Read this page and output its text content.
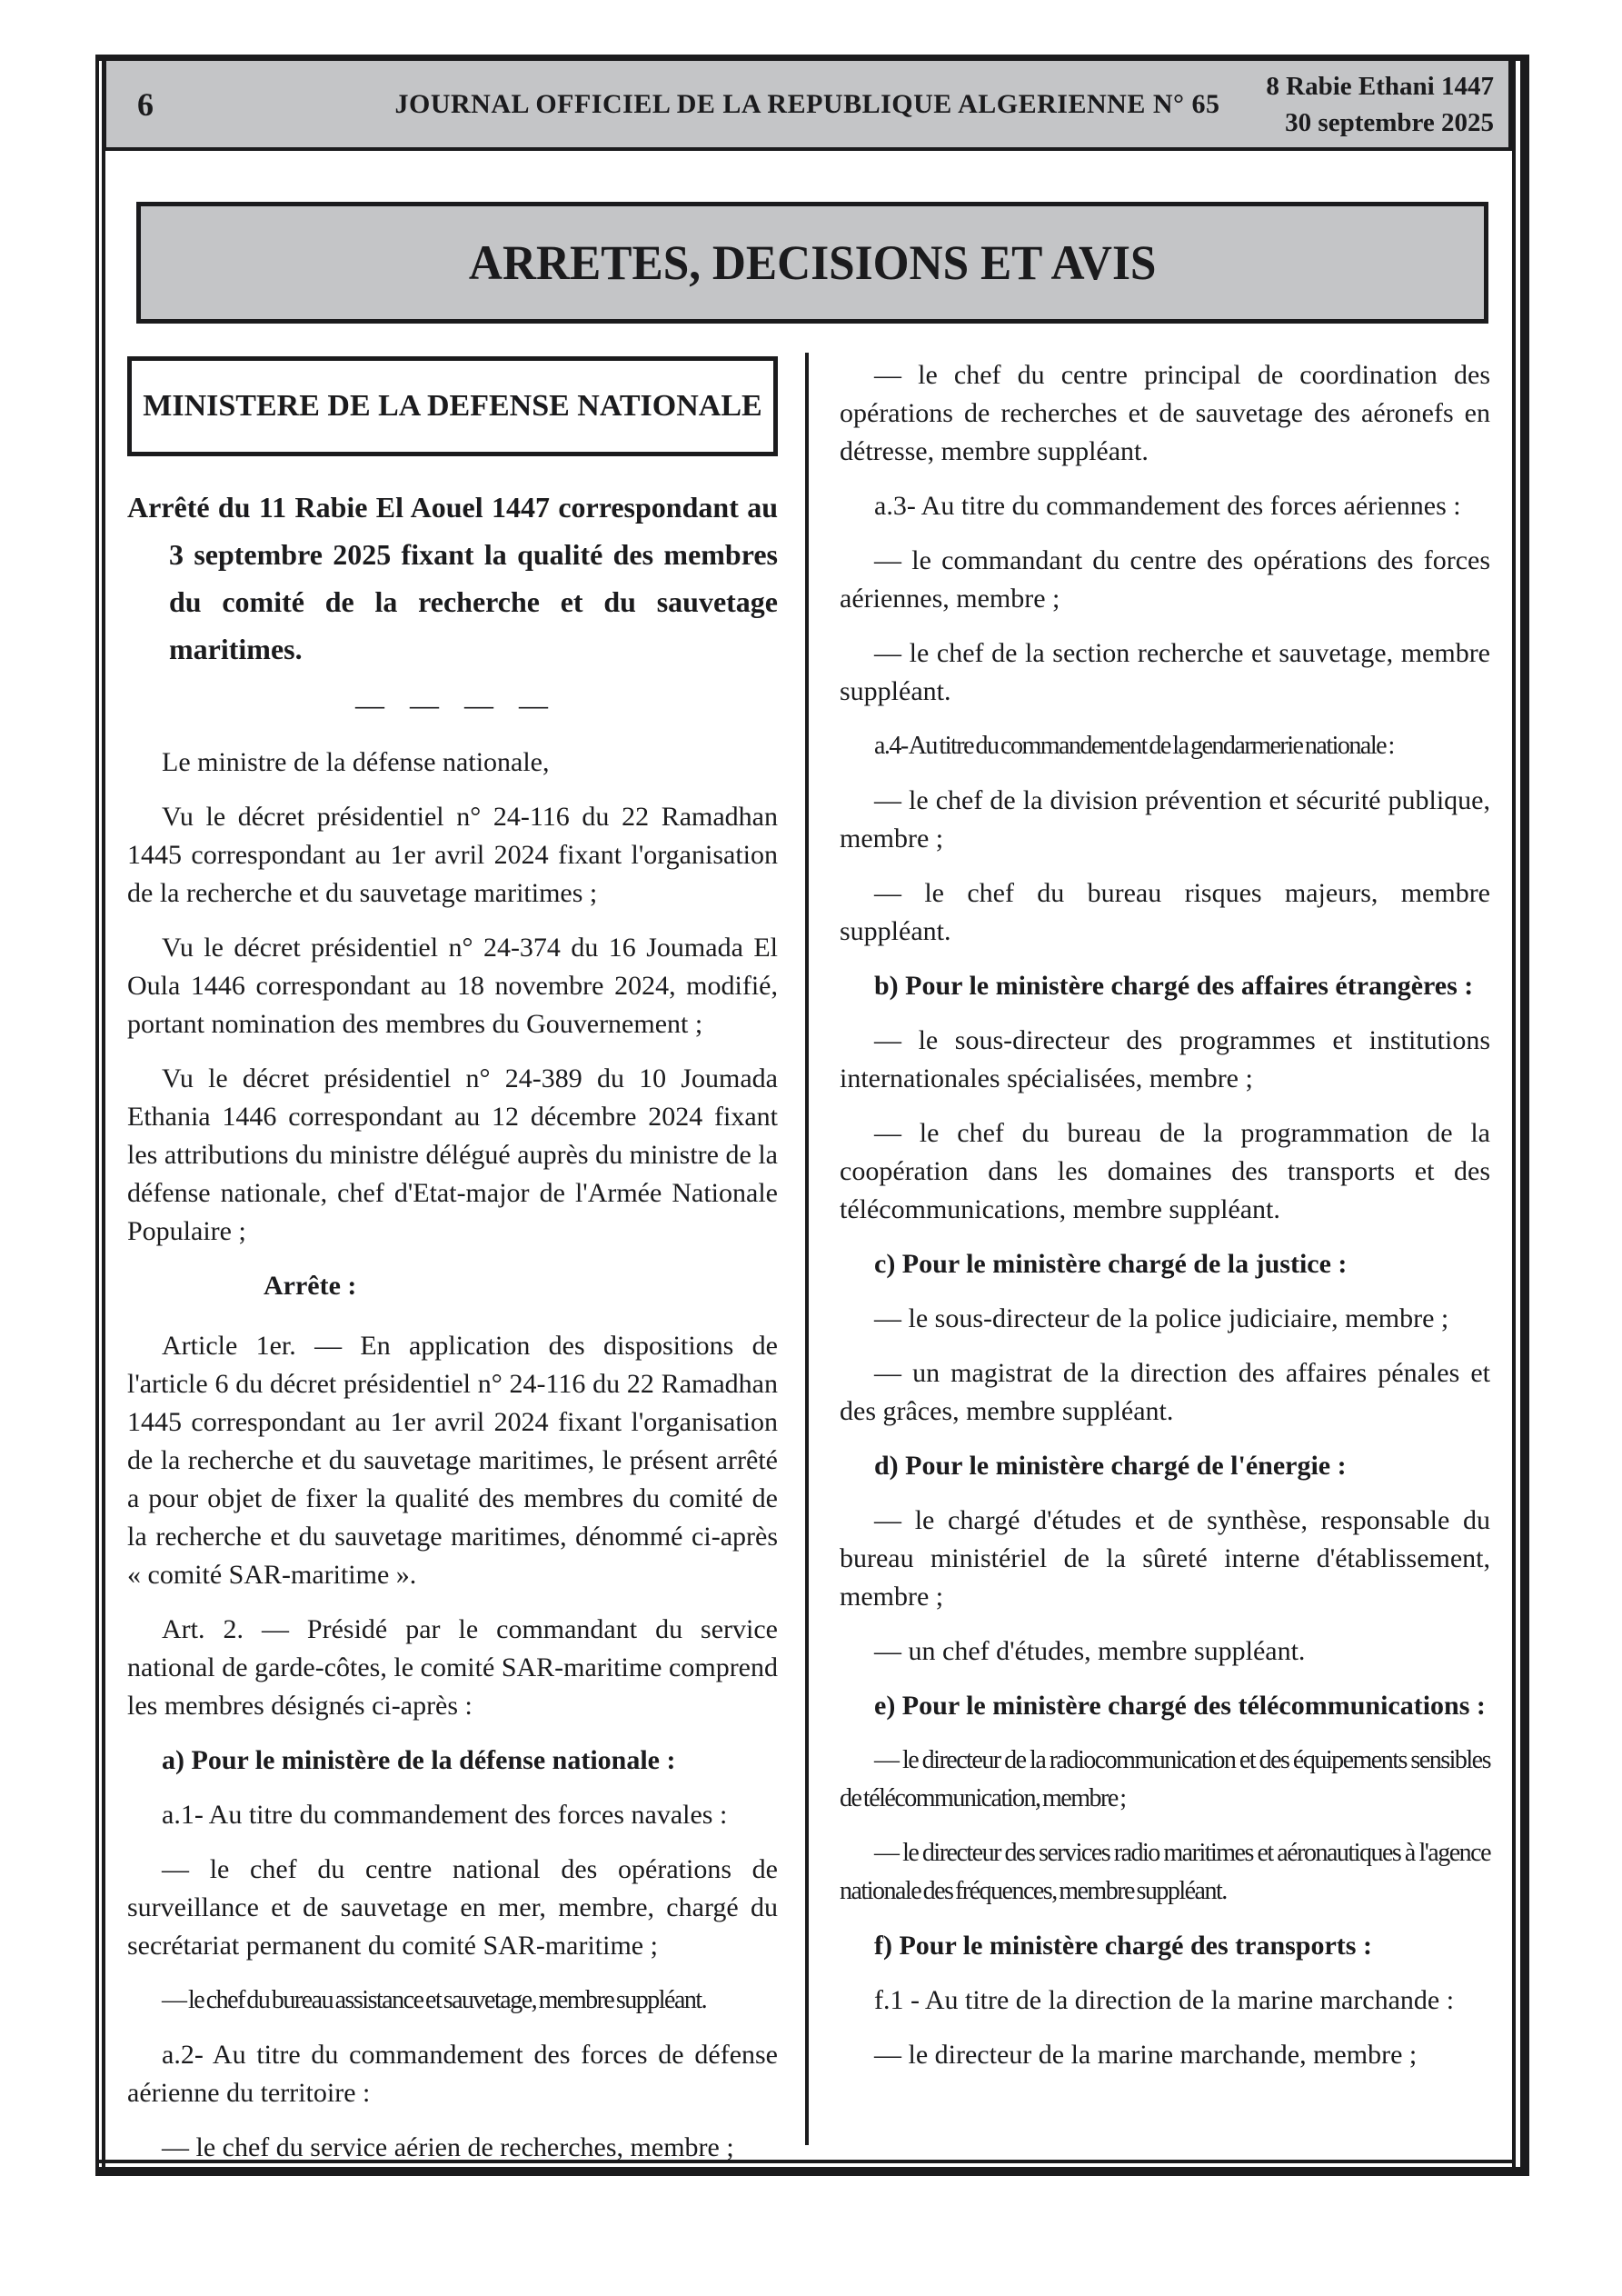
6	JOURNAL OFFICIEL DE LA REPUBLIQUE ALGERIENNE N° 65
8 Rabie Ethani 1447
30 septembre 2025
ARRETES, DECISIONS ET AVIS
MINISTERE DE LA DEFENSE NATIONALE

Arrêté du 11 Rabie El Aouel 1447 correspondant au 3 septembre 2025 fixant la qualité des membres du comité de la recherche et du sauvetage maritimes.

— — — —

Le ministre de la défense nationale,

Vu le décret présidentiel n° 24-116 du 22 Ramadhan 1445 correspondant au 1er avril 2024 fixant l'organisation de la recherche et du sauvetage maritimes ;

Vu le décret présidentiel n° 24-374 du 16 Joumada El Oula 1446 correspondant au 18 novembre 2024, modifié, portant nomination des membres du Gouvernement ;

Vu le décret présidentiel n° 24-389 du 10 Joumada Ethania 1446 correspondant au 12 décembre 2024 fixant les attributions du ministre délégué auprès du ministre de la défense nationale, chef d'Etat-major de l'Armée Nationale Populaire ;

Arrête :

Article 1er. — En application des dispositions de l'article 6 du décret présidentiel n° 24-116 du 22 Ramadhan 1445 correspondant au 1er avril 2024 fixant l'organisation de la recherche et du sauvetage maritimes, le présent arrêté a pour objet de fixer la qualité des membres du comité de la recherche et du sauvetage maritimes, dénommé ci-après « comité SAR-maritime ».

Art. 2. — Présidé par le commandant du service national de garde-côtes, le comité SAR-maritime comprend les membres désignés ci-après :

a) Pour le ministère de la défense nationale :

a.1- Au titre du commandement des forces navales :

— le chef du centre national des opérations de surveillance et de sauvetage en mer, membre, chargé du secrétariat permanent du comité SAR-maritime ;

— le chef du bureau assistance et sauvetage, membre suppléant.

a.2- Au titre du commandement des forces de défense aérienne du territoire :

— le chef du service aérien de recherches, membre ;

— le chef du centre principal de coordination des opérations de recherches et de sauvetage des aéronefs en détresse, membre suppléant.

a.3- Au titre du commandement des forces aériennes :

— le commandant du centre des opérations des forces aériennes, membre ;

— le chef de la section recherche et sauvetage, membre suppléant.

a.4- Au titre du commandement de la gendarmerie nationale :

— le chef de la division prévention et sécurité publique, membre ;

— le chef du bureau risques majeurs, membre suppléant.

b) Pour le ministère chargé des affaires étrangères :

— le sous-directeur des programmes et institutions internationales spécialisées, membre ;

— le chef du bureau de la programmation de la coopération dans les domaines des transports et des télécommunications, membre suppléant.

c) Pour le ministère chargé de la justice :

— le sous-directeur de la police judiciaire, membre ;

— un magistrat de la direction des affaires pénales et des grâces, membre suppléant.

d) Pour le ministère chargé de l'énergie :

— le chargé d'études et de synthèse, responsable du bureau ministériel de la sûreté interne d'établissement, membre ;

— un chef d'études, membre suppléant.

e) Pour le ministère chargé des télécommunications :

— le directeur de la radiocommunication et des équipements sensibles de télécommunication, membre ;

— le directeur des services radio maritimes et aéronautiques à l'agence nationale des fréquences, membre suppléant.

f) Pour le ministère chargé des transports :

f.1 - Au titre de la direction de la marine marchande :

— le directeur de la marine marchande, membre ;
